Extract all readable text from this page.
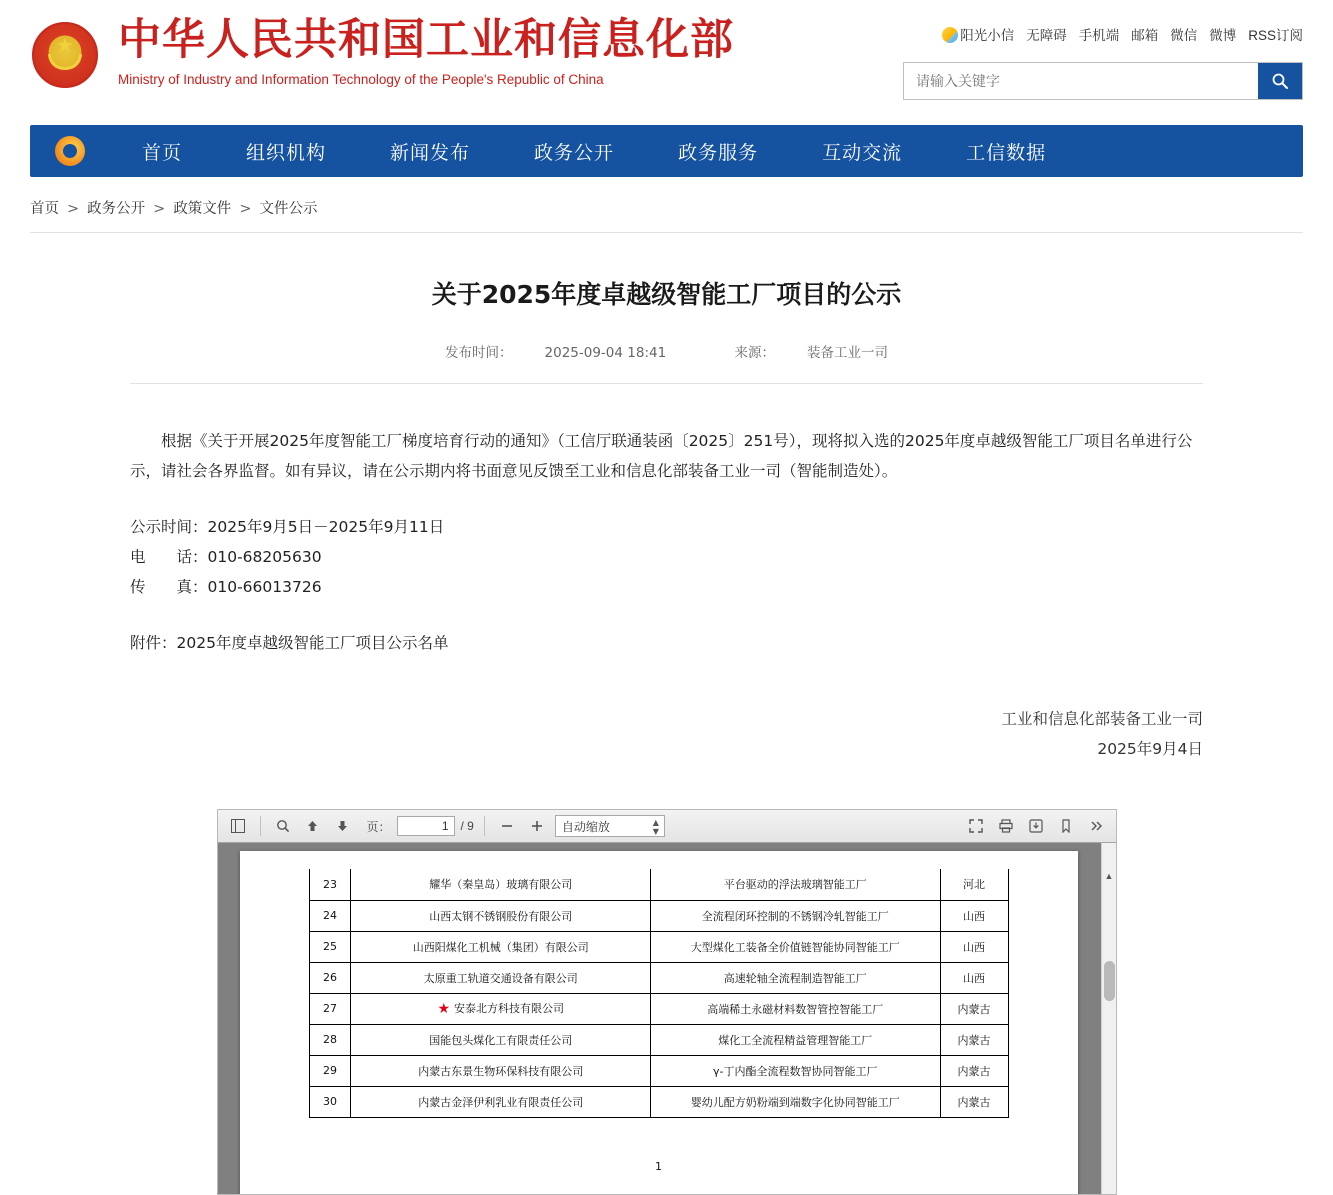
★ 中华人民共和国工业和信息化部
Ministry of Industry and Information Technology of the People's Republic of China
阳光小信 无障碍 手机端 邮箱 微信 微博 RSS订阅
请输入关键字
首页	组织机构	新闻发布	政务公开	政务服务	互动交流	工信数据
首页 > 政务公开 > 政策文件 > 文件公示
关于2025年度卓越级智能工厂项目的公示
发布时间： 2025-09-04 18:41	来源： 装备工业一司

根据《关于开展2025年度智能工厂梯度培育行动的通知》（工信厅联通装函〔2025〕251号），现将拟入选的2025年度卓越级智能工厂项目名单进行公示，请社会各界监督。如有异议，请在公示期内将书面意见反馈至工业和信息化部装备工业一司（智能制造处）。

公示时间：2025年9月5日－2025年9月11日

电　　话：010-68205630

传　　真：010-66013726

附件：2025年度卓越级智能工厂项目公示名单

工业和信息化部装备工业一司
2025年9月4日
页：
1	/ 9	自动缩放	▲
▼
23	耀华（秦皇岛）玻璃有限公司	平台驱动的浮法玻璃智能工厂	河北
24	山西太钢不锈钢股份有限公司	全流程闭环控制的不锈钢冷轧智能工厂	山西
25	山西阳煤化工机械（集团）有限公司	大型煤化工装备全价值链智能协同智能工厂	山西
26	太原重工轨道交通设备有限公司	高速轮轴全流程制造智能工厂	山西
27	★ 安泰北方科技有限公司	高端稀土永磁材料数智管控智能工厂	内蒙古
28	国能包头煤化工有限责任公司	煤化工全流程精益管理智能工厂	内蒙古
29	内蒙古东景生物环保科技有限公司	γ-丁内酯全流程数智协同智能工厂	内蒙古
30	内蒙古金泽伊利乳业有限责任公司	婴幼儿配方奶粉端到端数字化协同智能工厂	内蒙古
1
▲
